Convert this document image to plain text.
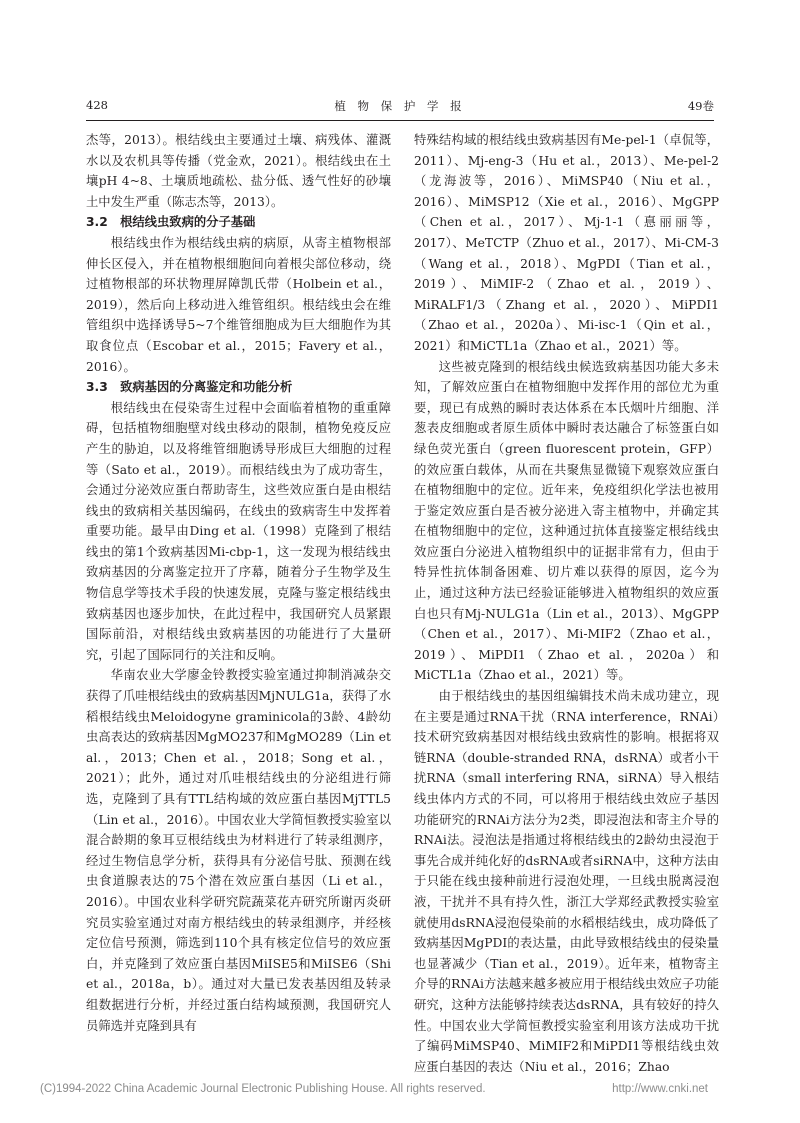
428	植 物 保 护 学 报	49卷

杰等，2013）。根结线虫主要通过土壤、病残体、灌溉水以及农机具等传播（党金欢，2021）。根结线虫在土壤pH 4~8、土壤质地疏松、盐分低、透气性好的砂壤土中发生严重（陈志杰等，2013）。

3.2　根结线虫致病的分子基础

根结线虫作为根结线虫病的病原，从寄主植物根部伸长区侵入，并在植物根细胞间向着根尖部位移动，绕过植物根部的环状物理屏障凯氏带（Holbein et al.，2019），然后向上移动进入维管组织。根结线虫会在维管组织中选择诱导5~7个维管细胞成为巨大细胞作为其取食位点（Escobar et al.，2015；Favery et al.，2016）。

3.3　致病基因的分离鉴定和功能分析

根结线虫在侵染寄生过程中会面临着植物的重重障碍，包括植物细胞壁对线虫移动的限制，植物免疫反应产生的胁迫，以及将维管细胞诱导形成巨大细胞的过程等（Sato et al.，2019）。而根结线虫为了成功寄生，会通过分泌效应蛋白帮助寄生，这些效应蛋白是由根结线虫的致病相关基因编码，在线虫的致病寄生中发挥着重要功能。最早由Ding et al.（1998）克隆到了根结线虫的第1个致病基因Mi-cbp-1，这一发现为根结线虫致病基因的分离鉴定拉开了序幕，随着分子生物学及生物信息学等技术手段的快速发展，克隆与鉴定根结线虫致病基因也逐步加快，在此过程中，我国研究人员紧跟国际前沿，对根结线虫致病基因的功能进行了大量研究，引起了国际同行的关注和反响。

华南农业大学廖金铃教授实验室通过抑制消减杂交获得了爪哇根结线虫的致病基因MjNULG1a，获得了水稻根结线虫Meloidogyne graminicola的3龄、4龄幼虫高表达的致病基因MgMO237和MgMO289（Lin et al.，2013；Chen et al.，2018；Song et al.，2021）；此外，通过对爪哇根结线虫的分泌组进行筛选，克隆到了具有TTL结构域的效应蛋白基因MjTTL5（Lin et al.，2016）。中国农业大学简恒教授实验室以混合龄期的象耳豆根结线虫为材料进行了转录组测序，经过生物信息学分析，获得具有分泌信号肽、预测在线虫食道腺表达的75个潜在效应蛋白基因（Li et al.，2016）。中国农业科学研究院蔬菜花卉研究所谢丙炎研究员实验室通过对南方根结线虫的转录组测序，并经核定位信号预测，筛选到110个具有核定位信号的效应蛋白，并克隆到了效应蛋白基因MiISE5和MiISE6（Shi et al.，2018a，b）。通过对大量已发表基因组及转录组数据进行分析，并经过蛋白结构域预测，我国研究人员筛选并克隆到具有

特殊结构域的根结线虫致病基因有Me-pel-1（卓侃等，2011）、Mj-eng-3（Hu et al.，2013）、Me-pel-2（龙海波等，2016）、MiMSP40（Niu et al.，2016）、MiMSP12（Xie et al.，2016）、MgGPP（Chen et al.，2017）、Mj-1-1（惪丽丽等，2017）、MeTCTP（Zhuo et al.，2017）、Mi-CM-3（Wang et al.，2018）、MgPDI（Tian et al.，2019）、MiMIF-2（Zhao et al.，2019）、MiRALF1/3（Zhang et al.，2020）、MiPDI1（Zhao et al.，2020a）、Mi-isc-1（Qin et al.，2021）和MiCTL1a（Zhao et al.，2021）等。

这些被克隆到的根结线虫候选致病基因功能大多未知，了解效应蛋白在植物细胞中发挥作用的部位尤为重要，现已有成熟的瞬时表达体系在本氏烟叶片细胞、洋葱表皮细胞或者原生质体中瞬时表达融合了标签蛋白如绿色荧光蛋白（green fluorescent protein，GFP）的效应蛋白载体，从而在共聚焦显微镜下观察效应蛋白在植物细胞中的定位。近年来，免疫组织化学法也被用于鉴定效应蛋白是否被分泌进入寄主植物中，并确定其在植物细胞中的定位，这种通过抗体直接鉴定根结线虫效应蛋白分泌进入植物组织中的证据非常有力，但由于特异性抗体制备困难、切片难以获得的原因，迄今为止，通过这种方法已经验证能够进入植物组织的效应蛋白也只有Mj-NULG1a（Lin et al.，2013）、MgGPP（Chen et al.，2017）、Mi-MIF2（Zhao et al.，2019）、MiPDI1（Zhao et al.，2020a）和MiCTL1a（Zhao et al.，2021）等。

由于根结线虫的基因组编辑技术尚未成功建立，现在主要是通过RNA干扰（RNA interference，RNAi）技术研究致病基因对根结线虫致病性的影响。根据将双链RNA（double-stranded RNA，dsRNA）或者小干扰RNA（small interfering RNA，siRNA）导入根结线虫体内方式的不同，可以将用于根结线虫效应子基因功能研究的RNAi方法分为2类，即浸泡法和寄主介导的RNAi法。浸泡法是指通过将根结线虫的2龄幼虫浸泡于事先合成并纯化好的dsRNA或者siRNA中，这种方法由于只能在线虫接种前进行浸泡处理，一旦线虫脱离浸泡液，干扰并不具有持久性，浙江大学郑经武教授实验室就使用dsRNA浸泡侵染前的水稻根结线虫，成功降低了致病基因MgPDI的表达量，由此导致根结线虫的侵染量也显著减少（Tian et al.，2019）。近年来，植物寄主介导的RNAi方法越来越多被应用于根结线虫效应子功能研究，这种方法能够持续表达dsRNA，具有较好的持久性。中国农业大学简恒教授实验室利用该方法成功干扰了编码MiMSP40、MiMIF2和MiPDI1等根结线虫效应蛋白基因的表达（Niu et al.，2016；Zhao

(C)1994-2022 China Academic Journal Electronic Publishing House. All rights reserved.	http://www.cnki.net
